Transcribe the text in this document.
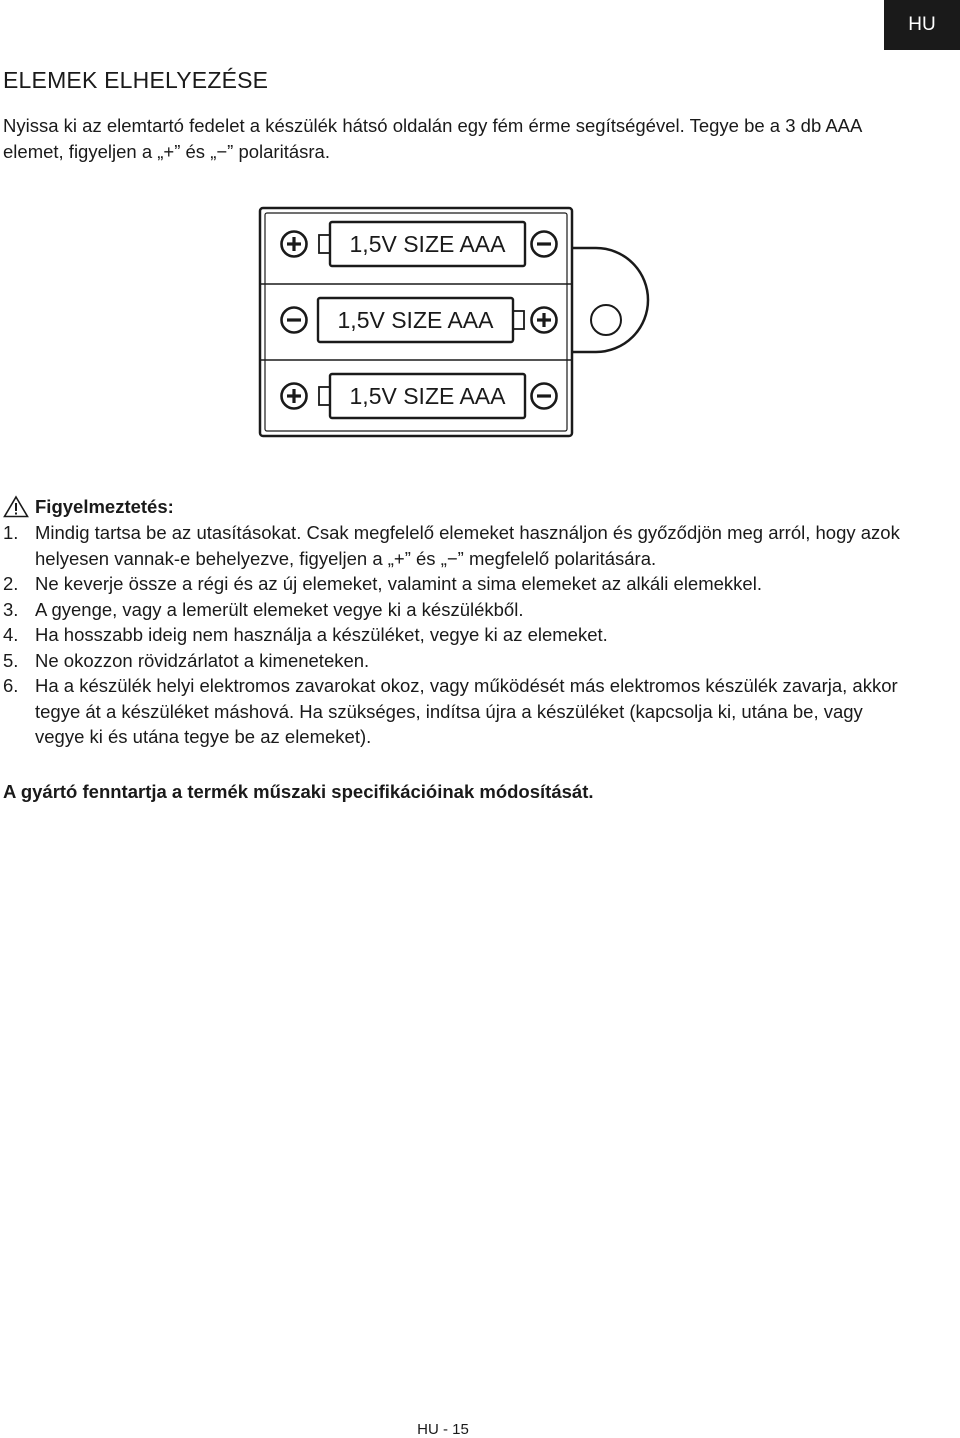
HU
ELEMEK ELHELYEZÉSE

Nyissa ki az elemtartó fedelet a készülék hátsó oldalán egy fém érme segítségével. Tegye be a 3 db AAA elemet, figyeljen a „+” és „−” polaritásra.

1,5V SIZE AAA
1,5V SIZE AAA
1,5V SIZE AAA
Figyelmeztetés:
1. Mindig tartsa be az utasításokat. Csak megfelelő elemeket használjon és győződjön meg arról, hogy azok helyesen vannak-e behelyezve, figyeljen a „+” és „−” megfelelő polaritására.
2. Ne keverje össze a régi és az új elemeket, valamint a sima elemeket az alkáli elemekkel.
3. A gyenge, vagy a lemerült elemeket vegye ki a készülékből.
4. Ha hosszabb ideig nem használja a készüléket, vegye ki az elemeket.
5. Ne okozzon rövidzárlatot a kimeneteken.
6. Ha a készülék helyi elektromos zavarokat okoz, vagy működését más elektromos készülék zavarja, akkor tegye át a készüléket máshová. Ha szükséges, indítsa újra a készüléket (kapcsolja ki, utána be, vagy vegye ki és utána tegye be az elemeket).

A gyártó fenntartja a termék műszaki specifikációinak módosítását.

HU - 15
